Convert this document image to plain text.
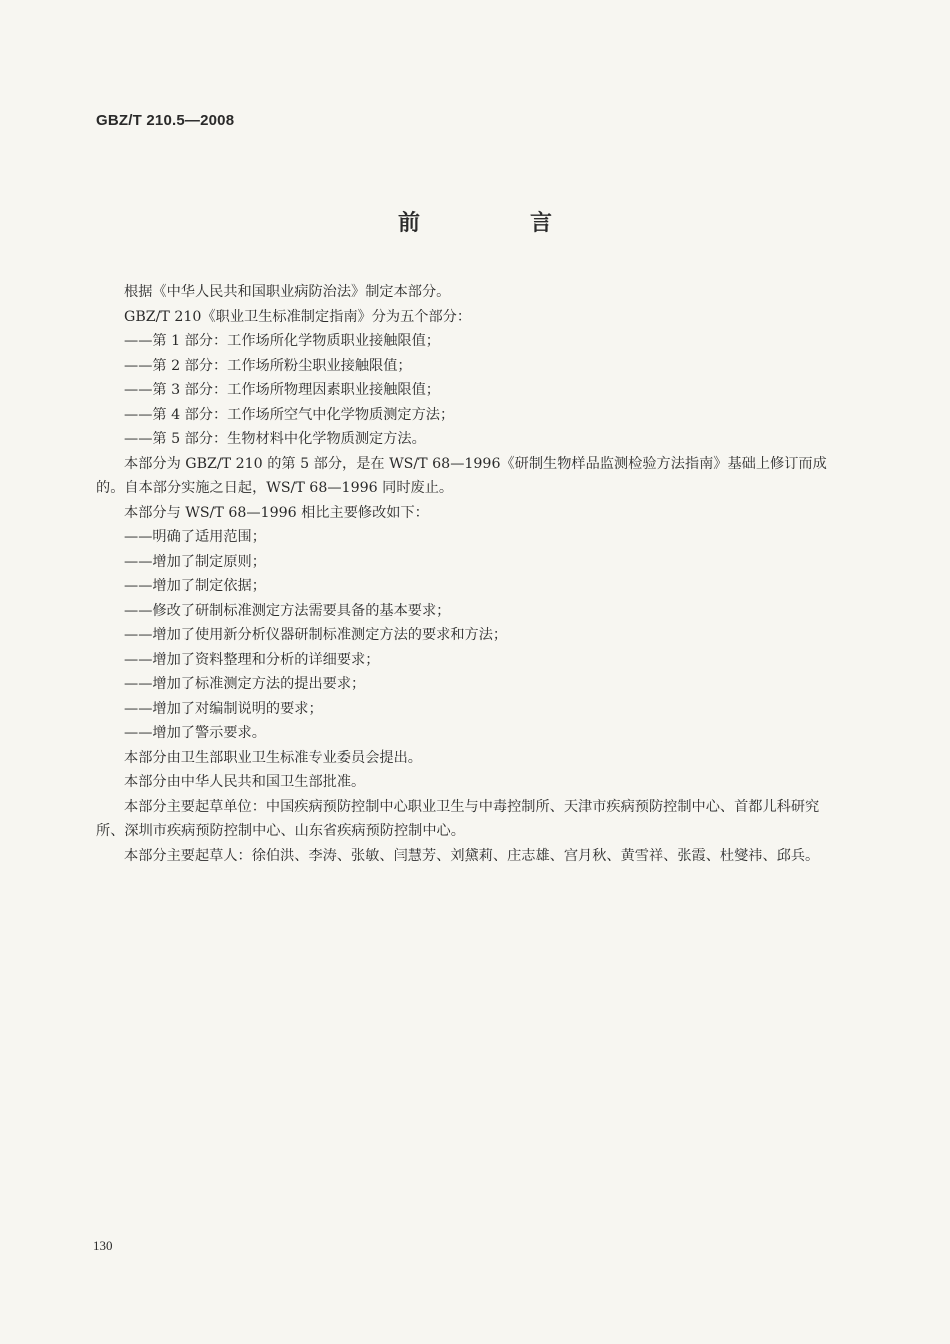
GBZ/T 210.5—2008
前　言

根据《中华人民共和国职业病防治法》制定本部分。

GBZ/T 210《职业卫生标准制定指南》分为五个部分：

——第 1 部分：工作场所化学物质职业接触限值；

——第 2 部分：工作场所粉尘职业接触限值；

——第 3 部分：工作场所物理因素职业接触限值；

——第 4 部分：工作场所空气中化学物质测定方法；

——第 5 部分：生物材料中化学物质测定方法。

本部分为 GBZ/T 210 的第 5 部分，是在 WS/T 68—1996《研制生物样品监测检验方法指南》基础上修订而成的。自本部分实施之日起，WS/T 68—1996 同时废止。

本部分与 WS/T 68—1996 相比主要修改如下：

——明确了适用范围；

——增加了制定原则；

——增加了制定依据；

——修改了研制标准测定方法需要具备的基本要求；

——增加了使用新分析仪器研制标准测定方法的要求和方法；

——增加了资料整理和分析的详细要求；

——增加了标准测定方法的提出要求；

——增加了对编制说明的要求；

——增加了警示要求。

本部分由卫生部职业卫生标准专业委员会提出。

本部分由中华人民共和国卫生部批准。

本部分主要起草单位：中国疾病预防控制中心职业卫生与中毒控制所、天津市疾病预防控制中心、首都儿科研究所、深圳市疾病预防控制中心、山东省疾病预防控制中心。

本部分主要起草人：徐伯洪、李涛、张敏、闫慧芳、刘黛莉、庄志雄、宫月秋、黄雪祥、张霞、杜燮祎、邱兵。

130
